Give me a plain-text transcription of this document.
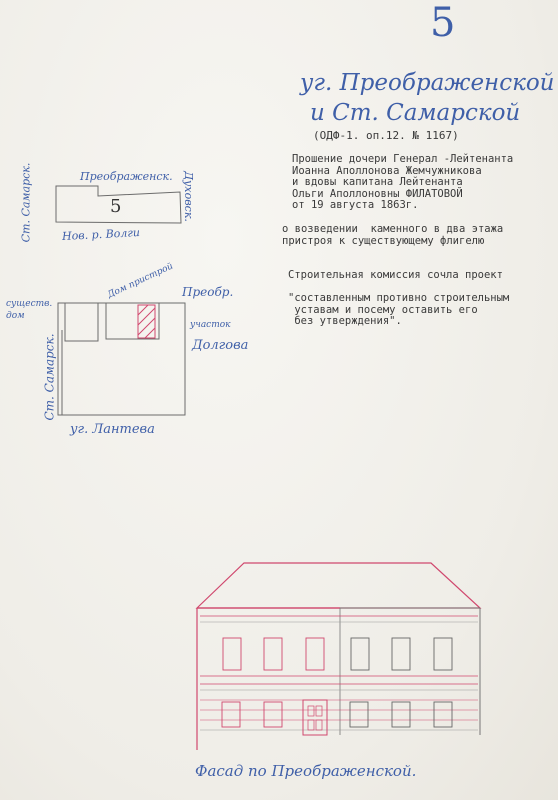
5
уг. Преображенской
и Ст. Самарской
(ОДФ-1. оп.12. № 1167)
Прошение дочери Генерал -Лейтенанта
Иоанна Аполлонова Жемчужникова
и вдовы капитана Лейтенанта
Ольги Аполлоновны ФИЛАТОВОЙ
от 19 августа 1863г.
о возведении  каменного в два этажа
пристроя к существующему флигелю
Строительная комиссия сочла проект
"составленным противно строительным
уставам и посему оставить его
без утверждения".
Преображенск.
5
Ст. Самарск.	Нов. р. Волги
Духовск.
Дом пристрой Преобр.
существ. дом
Ст. Самарск.
участок
Долгова
уг. Лантева
Фасад по Преображенской.
